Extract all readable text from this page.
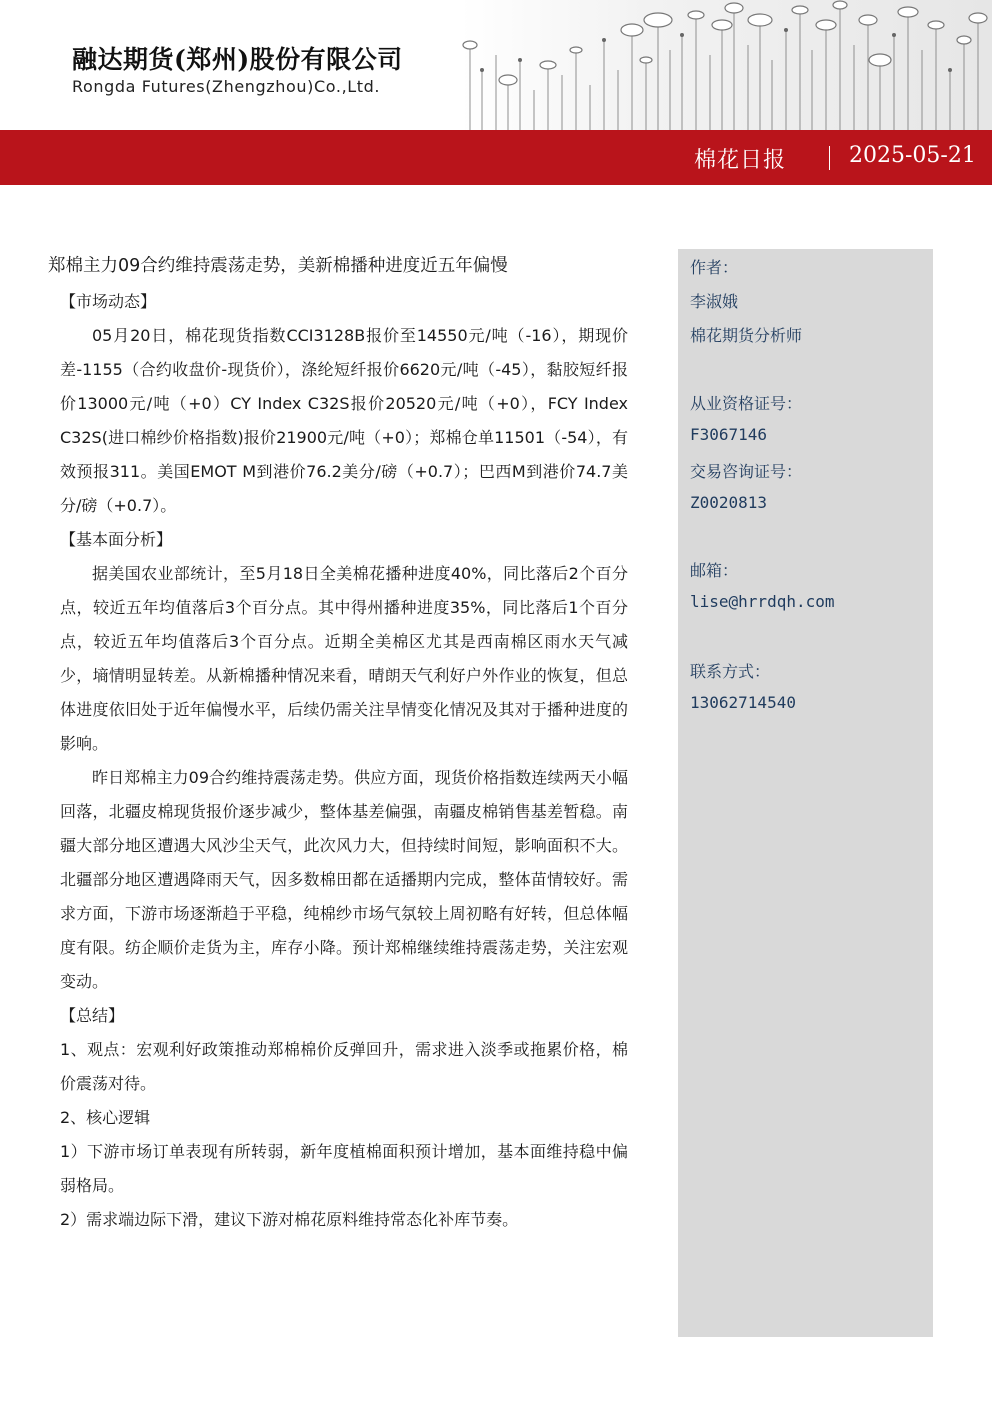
融达期货(郑州)股份有限公司
Rongda Futures(Zhengzhou)Co.,Ltd.
棉花日报	2025-05-21
郑棉主力09合约维持震荡走势，美新棉播种进度近五年偏慢

【市场动态】

05月20日，棉花现货指数CCI3128B报价至14550元/吨（-16），期现价差-1155（合约收盘价-现货价），涤纶短纤报价6620元/吨（-45），黏胶短纤报价13000元/吨（+0）CY Index C32S报价20520元/吨（+0），FCY Index C32S(进口棉纱价格指数)报价21900元/吨（+0）；郑棉仓单11501（-54），有效预报311。美国EMOT M到港价76.2美分/磅（+0.7）；巴西M到港价74.7美分/磅（+0.7）。

【基本面分析】

据美国农业部统计，至5月18日全美棉花播种进度40%，同比落后2个百分点，较近五年均值落后3个百分点。其中得州播种进度35%，同比落后1个百分点，较近五年均值落后3个百分点。近期全美棉区尤其是西南棉区雨水天气减少，墒情明显转差。从新棉播种情况来看，晴朗天气利好户外作业的恢复，但总体进度依旧处于近年偏慢水平，后续仍需关注旱情变化情况及其对于播种进度的影响。

昨日郑棉主力09合约维持震荡走势。供应方面，现货价格指数连续两天小幅回落，北疆皮棉现货报价逐步减少，整体基差偏强，南疆皮棉销售基差暂稳。南疆大部分地区遭遇大风沙尘天气，此次风力大，但持续时间短，影响面积不大。北疆部分地区遭遇降雨天气，因多数棉田都在适播期内完成，整体苗情较好。需求方面，下游市场逐渐趋于平稳，纯棉纱市场气氛较上周初略有好转，但总体幅度有限。纺企顺价走货为主，库存小降。预计郑棉继续维持震荡走势，关注宏观变动。

【总结】

1、观点：宏观利好政策推动郑棉棉价反弹回升，需求进入淡季或拖累价格，棉价震荡对待。

2、核心逻辑

1）下游市场订单表现有所转弱，新年度植棉面积预计增加，基本面维持稳中偏弱格局。

2）需求端边际下滑，建议下游对棉花原料维持常态化补库节奏。

作者：
李淑娥
棉花期货分析师
从业资格证号：
F3067146
交易咨询证号：
Z0020813
邮箱：
lise@hrrdqh.com
联系方式：
13062714540
